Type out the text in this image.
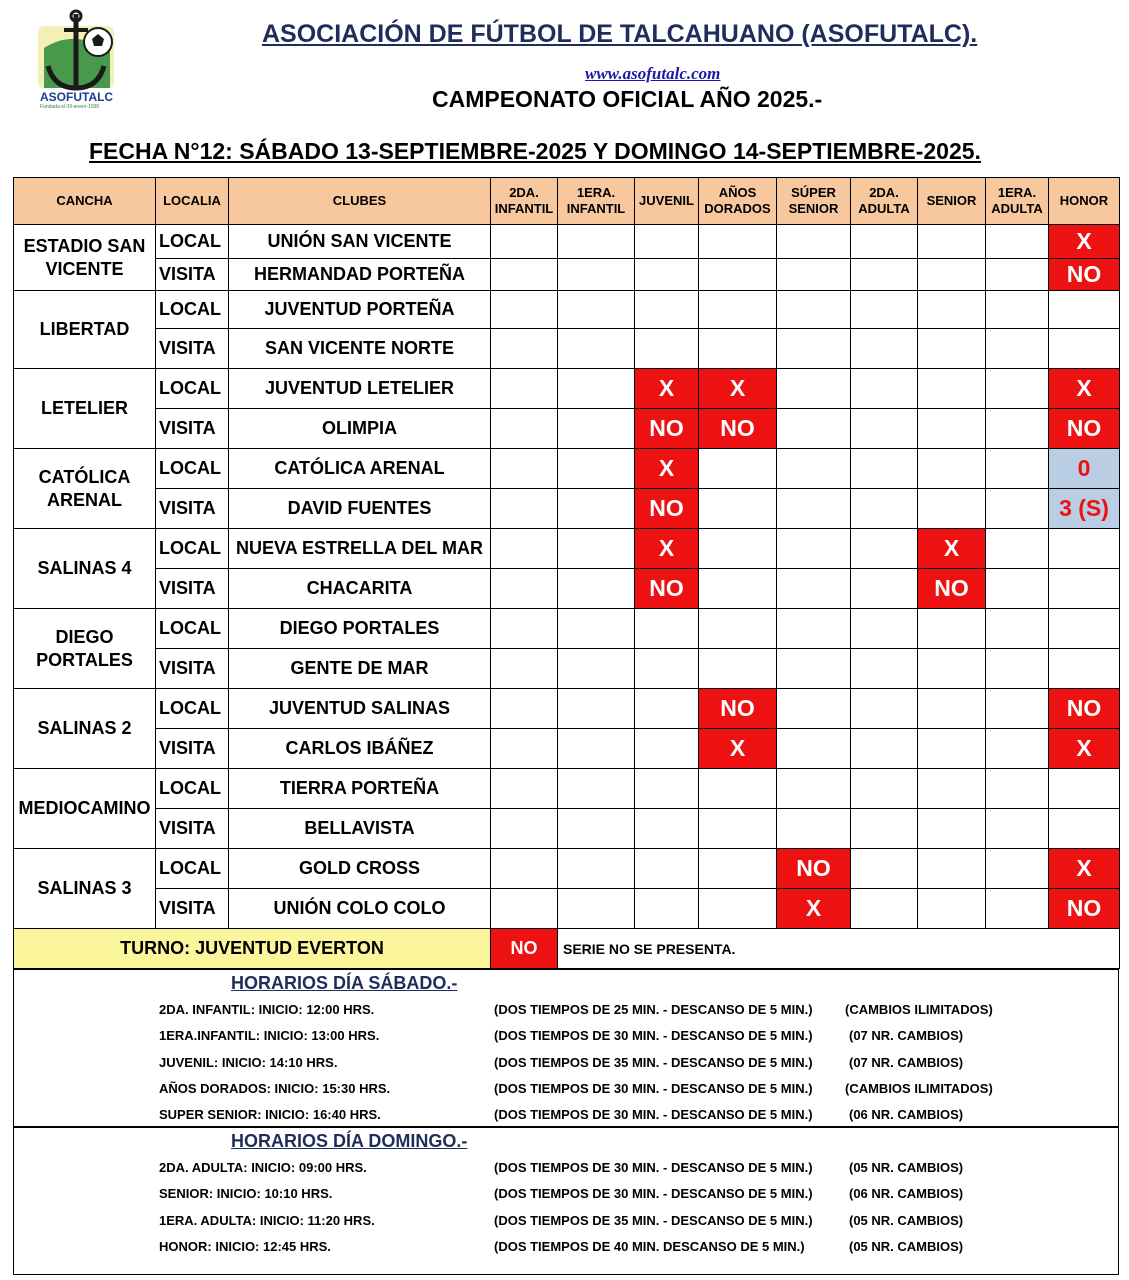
ASOFUTALC
Fundada el 09-enero-1935
ASOCIACIÓN DE FÚTBOL DE TALCAHUANO (ASOFUTALC).
www.asofutalc.com
CAMPEONATO OFICIAL AÑO 2025.-
FECHA N°12: SÁBADO 13-SEPTIEMBRE-2025 Y DOMINGO 14-SEPTIEMBRE-2025.
CANCHA	LOCALIA	CLUBES	2DA.
INFANTIL	1ERA.
INFANTIL	JUVENIL	AÑOS
DORADOS	SÚPER
SENIOR	2DA.
ADULTA	SENIOR	1ERA.
ADULTA	HONOR
ESTADIO SAN VICENTE	LOCAL	UNIÓN SAN VICENTE									X
	VISITA	HERMANDAD PORTEÑA									NO
LIBERTAD	LOCAL	JUVENTUD PORTEÑA									
	VISITA	SAN VICENTE NORTE									
LETELIER	LOCAL	JUVENTUD LETELIER			X	X					X
	VISITA	OLIMPIA			NO	NO					NO
CATÓLICA ARENAL	LOCAL	CATÓLICA ARENAL			X						0
	VISITA	DAVID FUENTES			NO						3 (S)
SALINAS 4	LOCAL	NUEVA ESTRELLA DEL MAR			X				X		
	VISITA	CHACARITA			NO				NO		
DIEGO PORTALES	LOCAL	DIEGO PORTALES									
	VISITA	GENTE DE MAR									
SALINAS 2	LOCAL	JUVENTUD SALINAS				NO					NO
	VISITA	CARLOS IBÁÑEZ				X					X
MEDIOCAMINO	LOCAL	TIERRA PORTEÑA									
	VISITA	BELLAVISTA									
SALINAS 3	LOCAL	GOLD CROSS					NO				X
	VISITA	UNIÓN COLO COLO					X				NO
TURNO: JUVENTUD EVERTON			NO	SERIE NO SE PRESENTA.							
HORARIOS DÍA SÁBADO.-
2DA. INFANTIL: INICIO: 12:00 HRS.	(DOS TIEMPOS DE 25 MIN. - DESCANSO DE 5 MIN.) (CAMBIOS ILIMITADOS)
1ERA.INFANTIL: INICIO: 13:00 HRS.	(DOS TIEMPOS DE 30 MIN. - DESCANSO DE 5 MIN.)	(07 NR. CAMBIOS)
JUVENIL: INICIO: 14:10 HRS.	(DOS TIEMPOS DE 35 MIN. - DESCANSO DE 5 MIN.)	(07 NR. CAMBIOS)
AÑOS DORADOS: INICIO: 15:30 HRS.	(DOS TIEMPOS DE 30 MIN. - DESCANSO DE 5 MIN.) (CAMBIOS ILIMITADOS)
SUPER SENIOR: INICIO: 16:40 HRS.	(DOS TIEMPOS DE 30 MIN. - DESCANSO DE 5 MIN.)	(06 NR. CAMBIOS)
HORARIOS DÍA DOMINGO.-
2DA. ADULTA: INICIO: 09:00 HRS.	(DOS TIEMPOS DE 30 MIN. - DESCANSO DE 5 MIN.)	(05 NR. CAMBIOS)
SENIOR: INICIO: 10:10 HRS.	(DOS TIEMPOS DE 30 MIN. - DESCANSO DE 5 MIN.)	(06 NR. CAMBIOS)
1ERA. ADULTA: INICIO: 11:20 HRS.	(DOS TIEMPOS DE 35 MIN. - DESCANSO DE 5 MIN.)	(05 NR. CAMBIOS)
HONOR: INICIO: 12:45 HRS.	(DOS TIEMPOS DE 40 MIN. DESCANSO DE 5 MIN.)	(05 NR. CAMBIOS)
